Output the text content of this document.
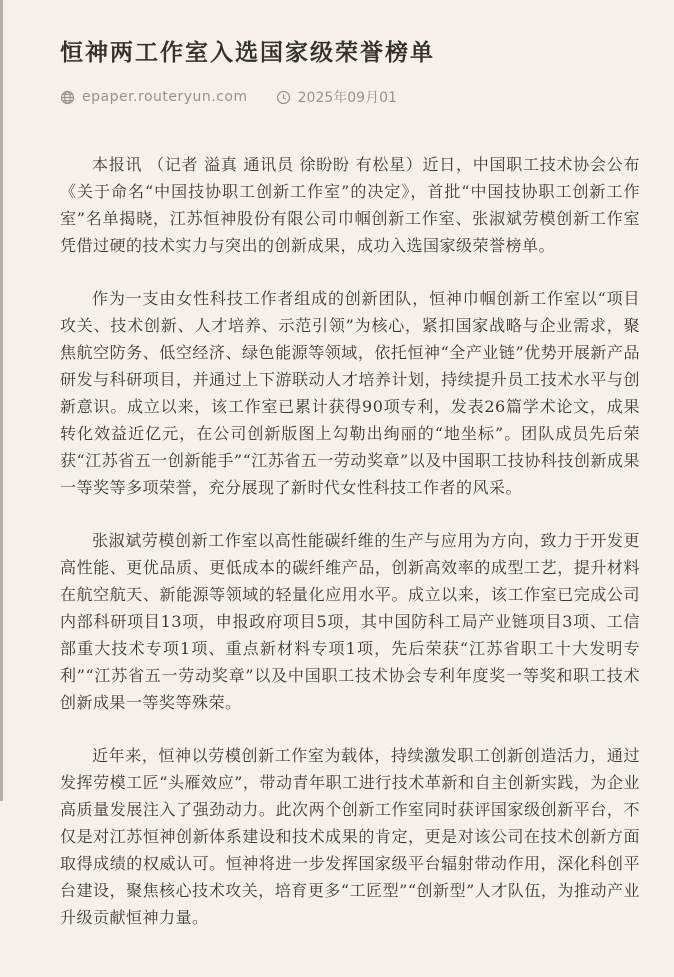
恒神两工作室入选国家级荣誉榜单
epaper.routeryun.com	2025年09月01

本报讯 （记者 溢真 通讯员 徐盼盼 有松星）近日，中国职工技术协会公布《关于命名“中国技协职工创新工作室”的决定》，首批“中国技协职工创新工作室”名单揭晓，江苏恒神股份有限公司巾帼创新工作室、张淑斌劳模创新工作室凭借过硬的技术实力与突出的创新成果，成功入选国家级荣誉榜单。

作为一支由女性科技工作者组成的创新团队，恒神巾帼创新工作室以“项目攻关、技术创新、人才培养、示范引领”为核心，紧扣国家战略与企业需求，聚焦航空防务、低空经济、绿色能源等领域，依托恒神“全产业链”优势开展新产品研发与科研项目，并通过上下游联动人才培养计划，持续提升员工技术水平与创新意识。成立以来，该工作室已累计获得90项专利，发表26篇学术论文，成果转化效益近亿元，在公司创新版图上勾勒出绚丽的“地坐标”。团队成员先后荣获“江苏省五一创新能手”“江苏省五一劳动奖章”以及中国职工技协科技创新成果一等奖等多项荣誉，充分展现了新时代女性科技工作者的风采。

张淑斌劳模创新工作室以高性能碳纤维的生产与应用为方向，致力于开发更高性能、更优品质、更低成本的碳纤维产品，创新高效率的成型工艺，提升材料在航空航天、新能源等领域的轻量化应用水平。成立以来，该工作室已完成公司内部科研项目13项，申报政府项目5项，其中国防科工局产业链项目3项、工信部重大技术专项1项、重点新材料专项1项，先后荣获“江苏省职工十大发明专利”“江苏省五一劳动奖章”以及中国职工技术协会专利年度奖一等奖和职工技术创新成果一等奖等殊荣。

近年来，恒神以劳模创新工作室为载体，持续激发职工创新创造活力，通过发挥劳模工匠“头雁效应”，带动青年职工进行技术革新和自主创新实践，为企业高质量发展注入了强劲动力。此次两个创新工作室同时获评国家级创新平台，不仅是对江苏恒神创新体系建设和技术成果的肯定，更是对该公司在技术创新方面取得成绩的权威认可。恒神将进一步发挥国家级平台辐射带动作用，深化科创平台建设，聚焦核心技术攻关，培育更多“工匠型”“创新型”人才队伍，为推动产业升级贡献恒神力量。
